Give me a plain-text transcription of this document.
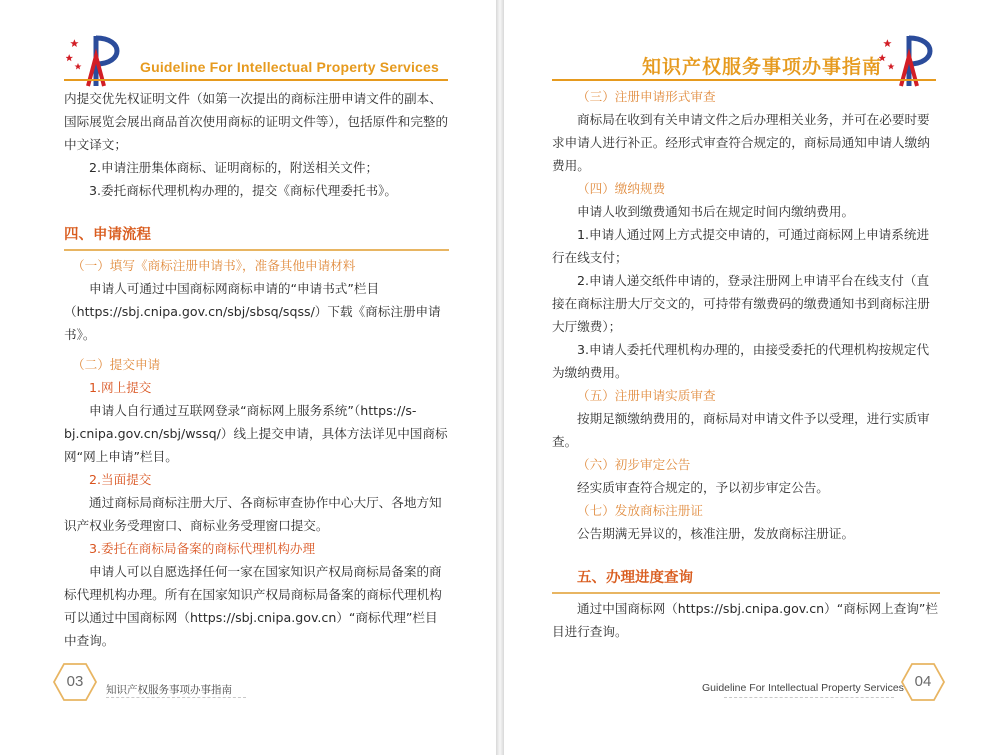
Guideline For Intellectual Property Services

内提交优先权证明文件（如第一次提出的商标注册申请文件的副本、国际展览会展出商品首次使用商标的证明文件等），包括原件和完整的中文译文；

2.申请注册集体商标、证明商标的，附送相关文件；

3.委托商标代理机构办理的，提交《商标代理委托书》。

四、申请流程

（一）填写《商标注册申请书》，准备其他申请材料

申请人可通过中国商标网商标申请的“申请书式”栏目（https://sbj.cnipa.gov.cn/sbj/sbsq/sqss/）下载《商标注册申请书》。

（二）提交申请

1.网上提交

申请人自行通过互联网登录“商标网上服务系统”（https://s-bj.cnipa.gov.cn/sbj/wssq/）线上提交申请，具体方法详见中国商标网“网上申请”栏目。

2.当面提交

通过商标局商标注册大厅、各商标审查协作中心大厅、各地方知识产权业务受理窗口、商标业务受理窗口提交。

3.委托在商标局备案的商标代理机构办理

申请人可以自愿选择任何一家在国家知识产权局商标局备案的商标代理机构办理。所有在国家知识产权局商标局备案的商标代理机构可以通过中国商标网（https://sbj.cnipa.gov.cn）“商标代理”栏目中查询。

03	知识产权服务事项办事指南
知识产权服务事项办事指南

（三）注册申请形式审查

商标局在收到有关申请文件之后办理相关业务，并可在必要时要求申请人进行补正。经形式审查符合规定的，商标局通知申请人缴纳费用。

（四）缴纳规费

申请人收到缴费通知书后在规定时间内缴纳费用。

1.申请人通过网上方式提交申请的，可通过商标网上申请系统进行在线支付；

2.申请人递交纸件申请的，登录注册网上申请平台在线支付（直接在商标注册大厅交文的，可持带有缴费码的缴费通知书到商标注册大厅缴费）；

3.申请人委托代理机构办理的，由接受委托的代理机构按规定代为缴纳费用。

（五）注册申请实质审查

按期足额缴纳费用的，商标局对申请文件予以受理，进行实质审查。

（六）初步审定公告

经实质审查符合规定的，予以初步审定公告。

（七）发放商标注册证

公告期满无异议的，核准注册，发放商标注册证。

五、办理进度查询

通过中国商标网（https://sbj.cnipa.gov.cn）“商标网上查询”栏目进行查询。

Guideline For Intellectual Property Services 04
